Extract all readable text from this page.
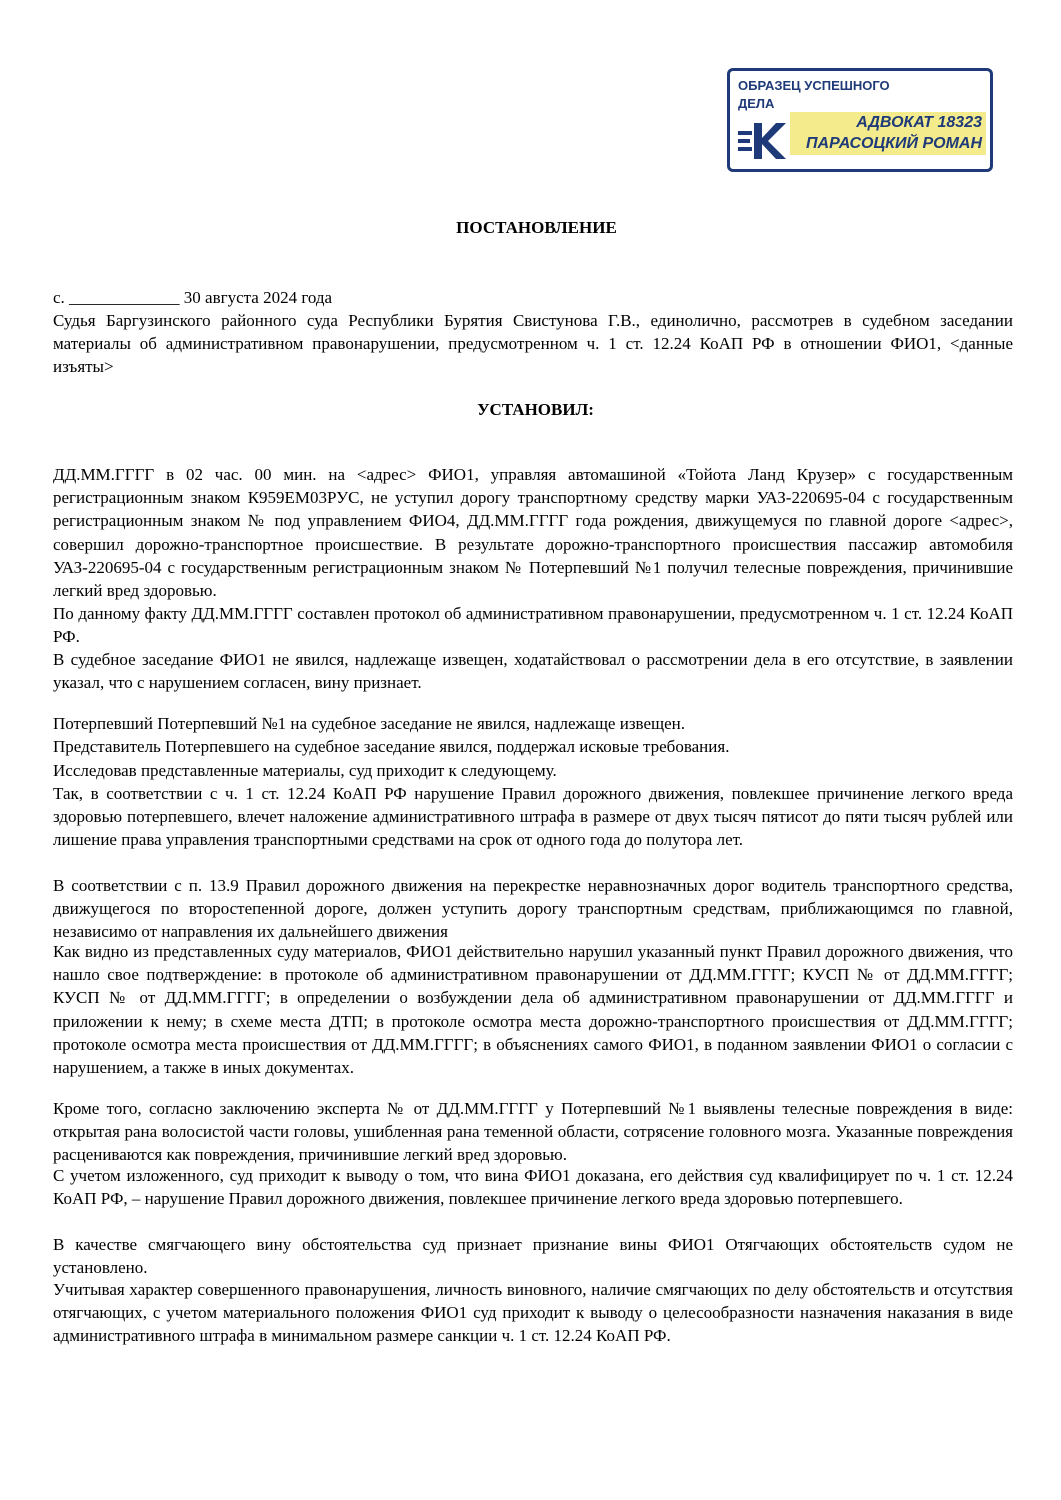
ОБРАЗЕЦ УСПЕШНОГО ДЕЛА
АДВОКАТ 18323
ПАРАСОЦКИЙ РОМАН
ПОСТАНОВЛЕНИЕ
с. _____________ 30 августа 2024 года
Судья Баргузинского районного суда Республики Бурятия Свистунова Г.В., единолично, рассмотрев в судебном заседании материалы об административном правонарушении, предусмотренном ч. 1 ст. 12.24 КоАП РФ в отношении ФИО1, <данные изъяты>
УСТАНОВИЛ:
ДД.ММ.ГГГГ в 02 час. 00 мин. на <адрес> ФИО1, управляя автомашиной «Тойота Ланд Крузер» с государственным регистрационным знаком К959ЕМ03РУС, не уступил дорогу транспортному средству марки УАЗ-220695-04 с государственным регистрационным знаком № под управлением ФИО4, ДД.ММ.ГГГГ года рождения, движущемуся по главной дороге <адрес>, совершил дорожно-транспортное происшествие. В результате дорожно-транспортного происшествия пассажир автомобиля УАЗ-220695-04 с государственным регистрационным знаком № Потерпевший №1 получил телесные повреждения, причинившие легкий вред здоровью.
По данному факту ДД.ММ.ГГГГ составлен протокол об административном правонарушении, предусмотренном ч. 1 ст. 12.24 КоАП РФ.
В судебное заседание ФИО1 не явился, надлежаще извещен, ходатайствовал о рассмотрении дела в его отсутствие, в заявлении указал, что с нарушением согласен, вину признает.
Потерпевший Потерпевший №1 на судебное заседание не явился, надлежаще извещен.
Представитель Потерпевшего на судебное заседание явился, поддержал исковые требования.
Исследовав представленные материалы, суд приходит к следующему.
Так, в соответствии с ч. 1 ст. 12.24 КоАП РФ нарушение Правил дорожного движения, повлекшее причинение легкого вреда здоровью потерпевшего, влечет наложение административного штрафа в размере от двух тысяч пятисот до пяти тысяч рублей или лишение права управления транспортными средствами на срок от одного года до полутора лет.
В соответствии с п. 13.9 Правил дорожного движения на перекрестке неравнозначных дорог водитель транспортного средства, движущегося по второстепенной дороге, должен уступить дорогу транспортным средствам, приближающимся по главной, независимо от направления их дальнейшего движения
Как видно из представленных суду материалов, ФИО1 действительно нарушил указанный пункт Правил дорожного движения, что нашло свое подтверждение: в протоколе об административном правонарушении от ДД.ММ.ГГГГ; КУСП № от ДД.ММ.ГГГГ; КУСП № от ДД.ММ.ГГГГ; в определении о возбуждении дела об административном правонарушении от ДД.ММ.ГГГГ и приложении к нему; в схеме места ДТП; в протоколе осмотра места дорожно-транспортного происшествия от ДД.ММ.ГГГГ; протоколе осмотра места происшествия от ДД.ММ.ГГГГ; в объяснениях самого ФИО1, в поданном заявлении ФИО1 о согласии с нарушением, а также в иных документах.
Кроме того, согласно заключению эксперта № от ДД.ММ.ГГГГ у Потерпевший №1 выявлены телесные повреждения в виде: открытая рана волосистой части головы, ушибленная рана теменной области, сотрясение головного мозга. Указанные повреждения расцениваются как повреждения, причинившие легкий вред здоровью.
С учетом изложенного, суд приходит к выводу о том, что вина ФИО1 доказана, его действия суд квалифицирует по ч. 1 ст. 12.24 КоАП РФ, – нарушение Правил дорожного движения, повлекшее причинение легкого вреда здоровью потерпевшего.
В качестве смягчающего вину обстоятельства суд признает признание вины ФИО1 Отягчающих обстоятельств судом не установлено.
Учитывая характер совершенного правонарушения, личность виновного, наличие смягчающих по делу обстоятельств и отсутствия отягчающих, с учетом материального положения ФИО1 суд приходит к выводу о целесообразности назначения наказания в виде административного штрафа в минимальном размере санкции ч. 1 ст. 12.24 КоАП РФ.
